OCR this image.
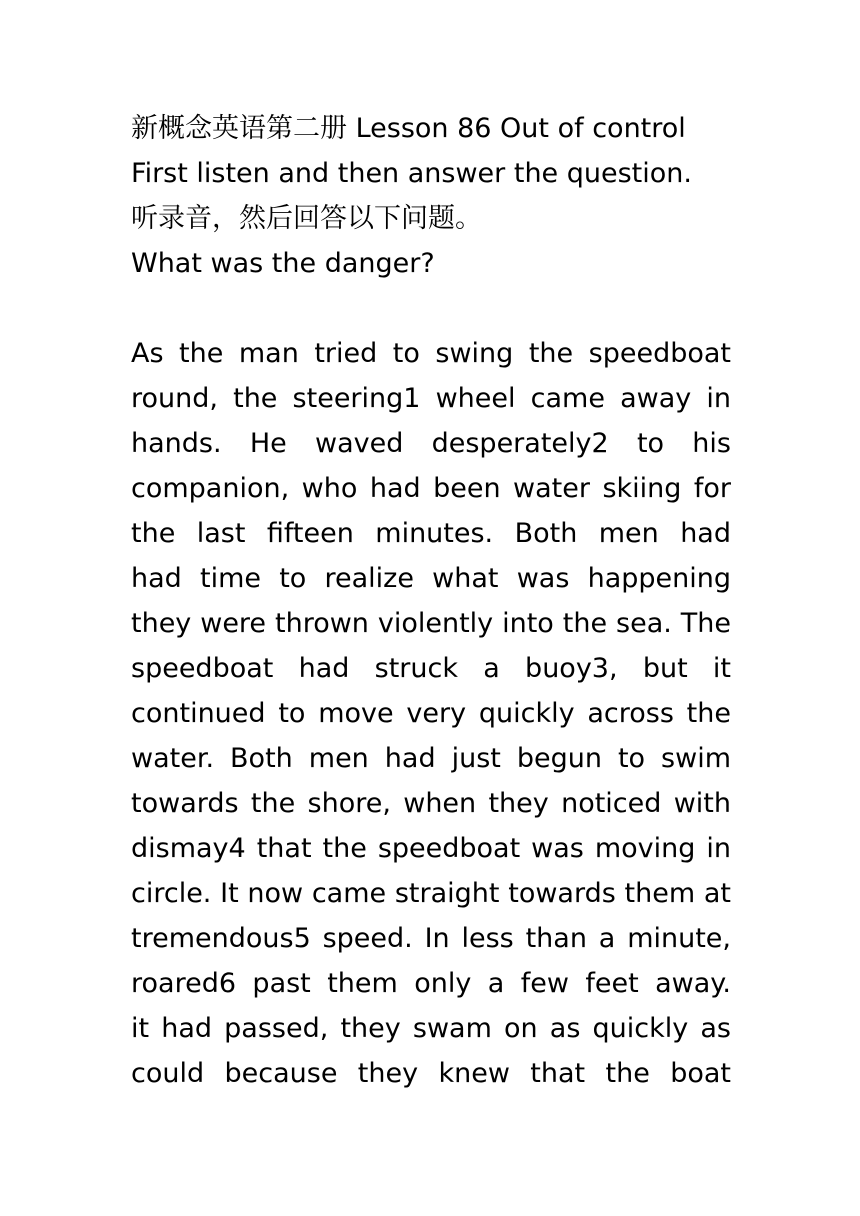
新概念英语第二册 Lesson 86 Out of control
First listen and then answer the question.
听录音，然后回答以下问题。
What was the danger?
As the man tried to swing the speedboat
round, the steering1 wheel came away in
hands. He waved desperately2 to his
companion, who had been water skiing for
the last fifteen minutes. Both men had
had time to realize what was happening
they were thrown violently into the sea. The
speedboat had struck a buoy3, but it
continued to move very quickly across the
water. Both men had just begun to swim
towards the shore, when they noticed with
dismay4 that the speedboat was moving in
circle. It now came straight towards them at
tremendous5 speed. In less than a minute,
roared6 past them only a few feet away.
it had passed, they swam on as quickly as
could because they knew that the boat
